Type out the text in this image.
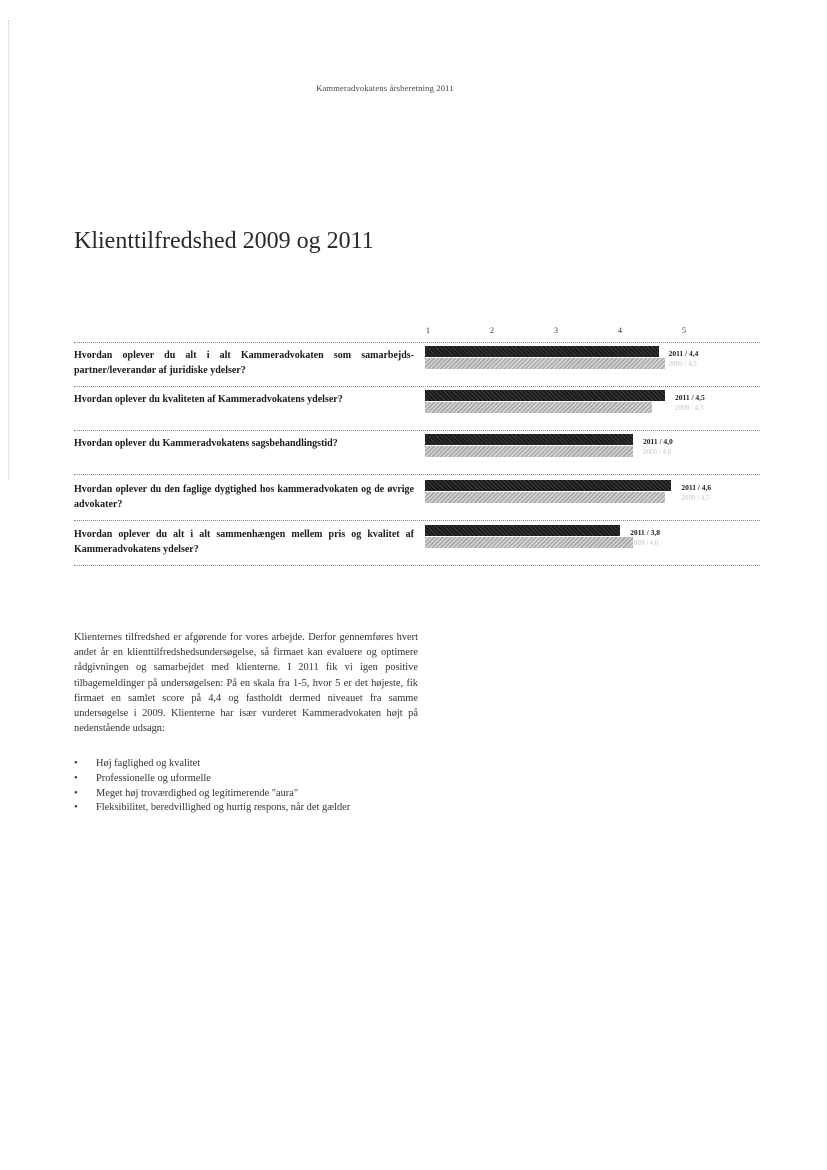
Kammeradvokatens årsberetning 2011
Klienttilfredshed 2009 og 2011
1	2	3	4	5
Hvordan oplever du alt i alt Kammeradvokaten som samarbejds-partner/leverandør af juridiske ydelser?
2011 / 4,4
2009 / 4,5
Hvordan oplever du kvaliteten af Kammeradvokatens ydelser?	2011 / 4,5
2009 / 4,3
Hvordan oplever du Kammeradvokatens sagsbehandlingstid?	2011 / 4,0
2009 / 4,0
Hvordan oplever du den faglige dygtighed hos kammeradvokaten og de øvrige advokater?
2011 / 4,6
2009 / 4,5
Hvordan oplever du alt i alt sammenhængen mellem pris og kvalitet af Kammeradvokatens ydelser?
2011 / 3,8
2009 / 4,0

Klienternes tilfredshed er afgørende for vores arbejde. Derfor gennemføres hvert andet år en klienttilfredshedsundersøgelse, så firmaet kan evaluere og optimere rådgivningen og samarbejdet med klienterne. I 2011 fik vi igen positive tilbagemeldinger på undersøgelsen: På en skala fra 1-5, hvor 5 er det højeste, fik firmaet en samlet score på 4,4 og fastholdt dermed niveauet fra samme undersøgelse i 2009. Klienterne har især vurderet Kammeradvokaten højt på nedenstående udsagn:

• Høj faglighed og kvalitet
• Professionelle og uformelle
• Meget høj troværdighed og legitimerende "aura"
• Fleksibilitet, beredvillighed og hurtig respons, når det gælder
